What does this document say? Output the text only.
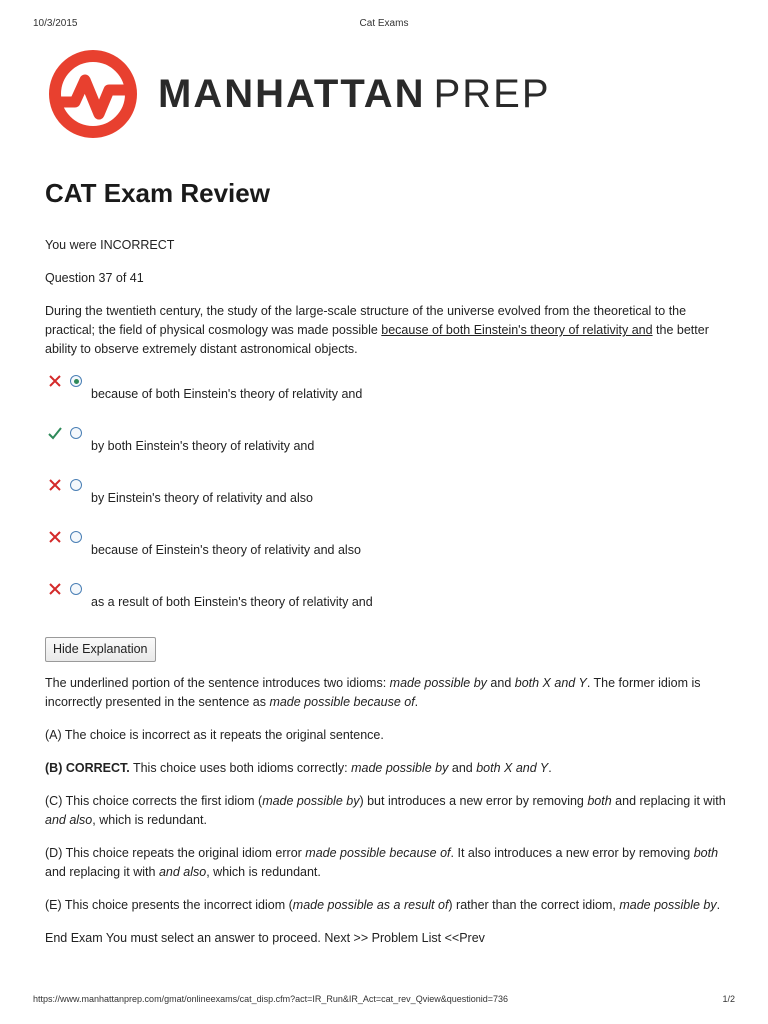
10/3/2015	Cat Exams
MANHATTAN PREP
CAT Exam Review

You were INCORRECT

Question 37 of 41

During the twentieth century, the study of the large-scale structure of the universe evolved from the theoretical to the practical; the field of physical cosmology was made possible because of both Einstein's theory of relativity and the better ability to observe extremely distant astronomical objects.

because of both Einstein's theory of relativity and
by both Einstein's theory of relativity and
by Einstein's theory of relativity and also
because of Einstein's theory of relativity and also
as a result of both Einstein's theory of relativity and
Hide Explanation

The underlined portion of the sentence introduces two idioms: made possible by and both X and Y. The former idiom is incorrectly presented in the sentence as made possible because of.

(A) The choice is incorrect as it repeats the original sentence.

(B) CORRECT. This choice uses both idioms correctly: made possible by and both X and Y.

(C) This choice corrects the first idiom (made possible by) but introduces a new error by removing both and replacing it with and also, which is redundant.

(D) This choice repeats the original idiom error made possible because of. It also introduces a new error by removing both and replacing it with and also, which is redundant.

(E) This choice presents the incorrect idiom (made possible as a result of) rather than the correct idiom, made possible by.

End Exam You must select an answer to proceed. Next >> Problem List <<Prev

https://www.manhattanprep.com/gmat/onlineexams/cat_disp.cfm?act=IR_Run&IR_Act=cat_rev_Qview&questionid=736	1/2
